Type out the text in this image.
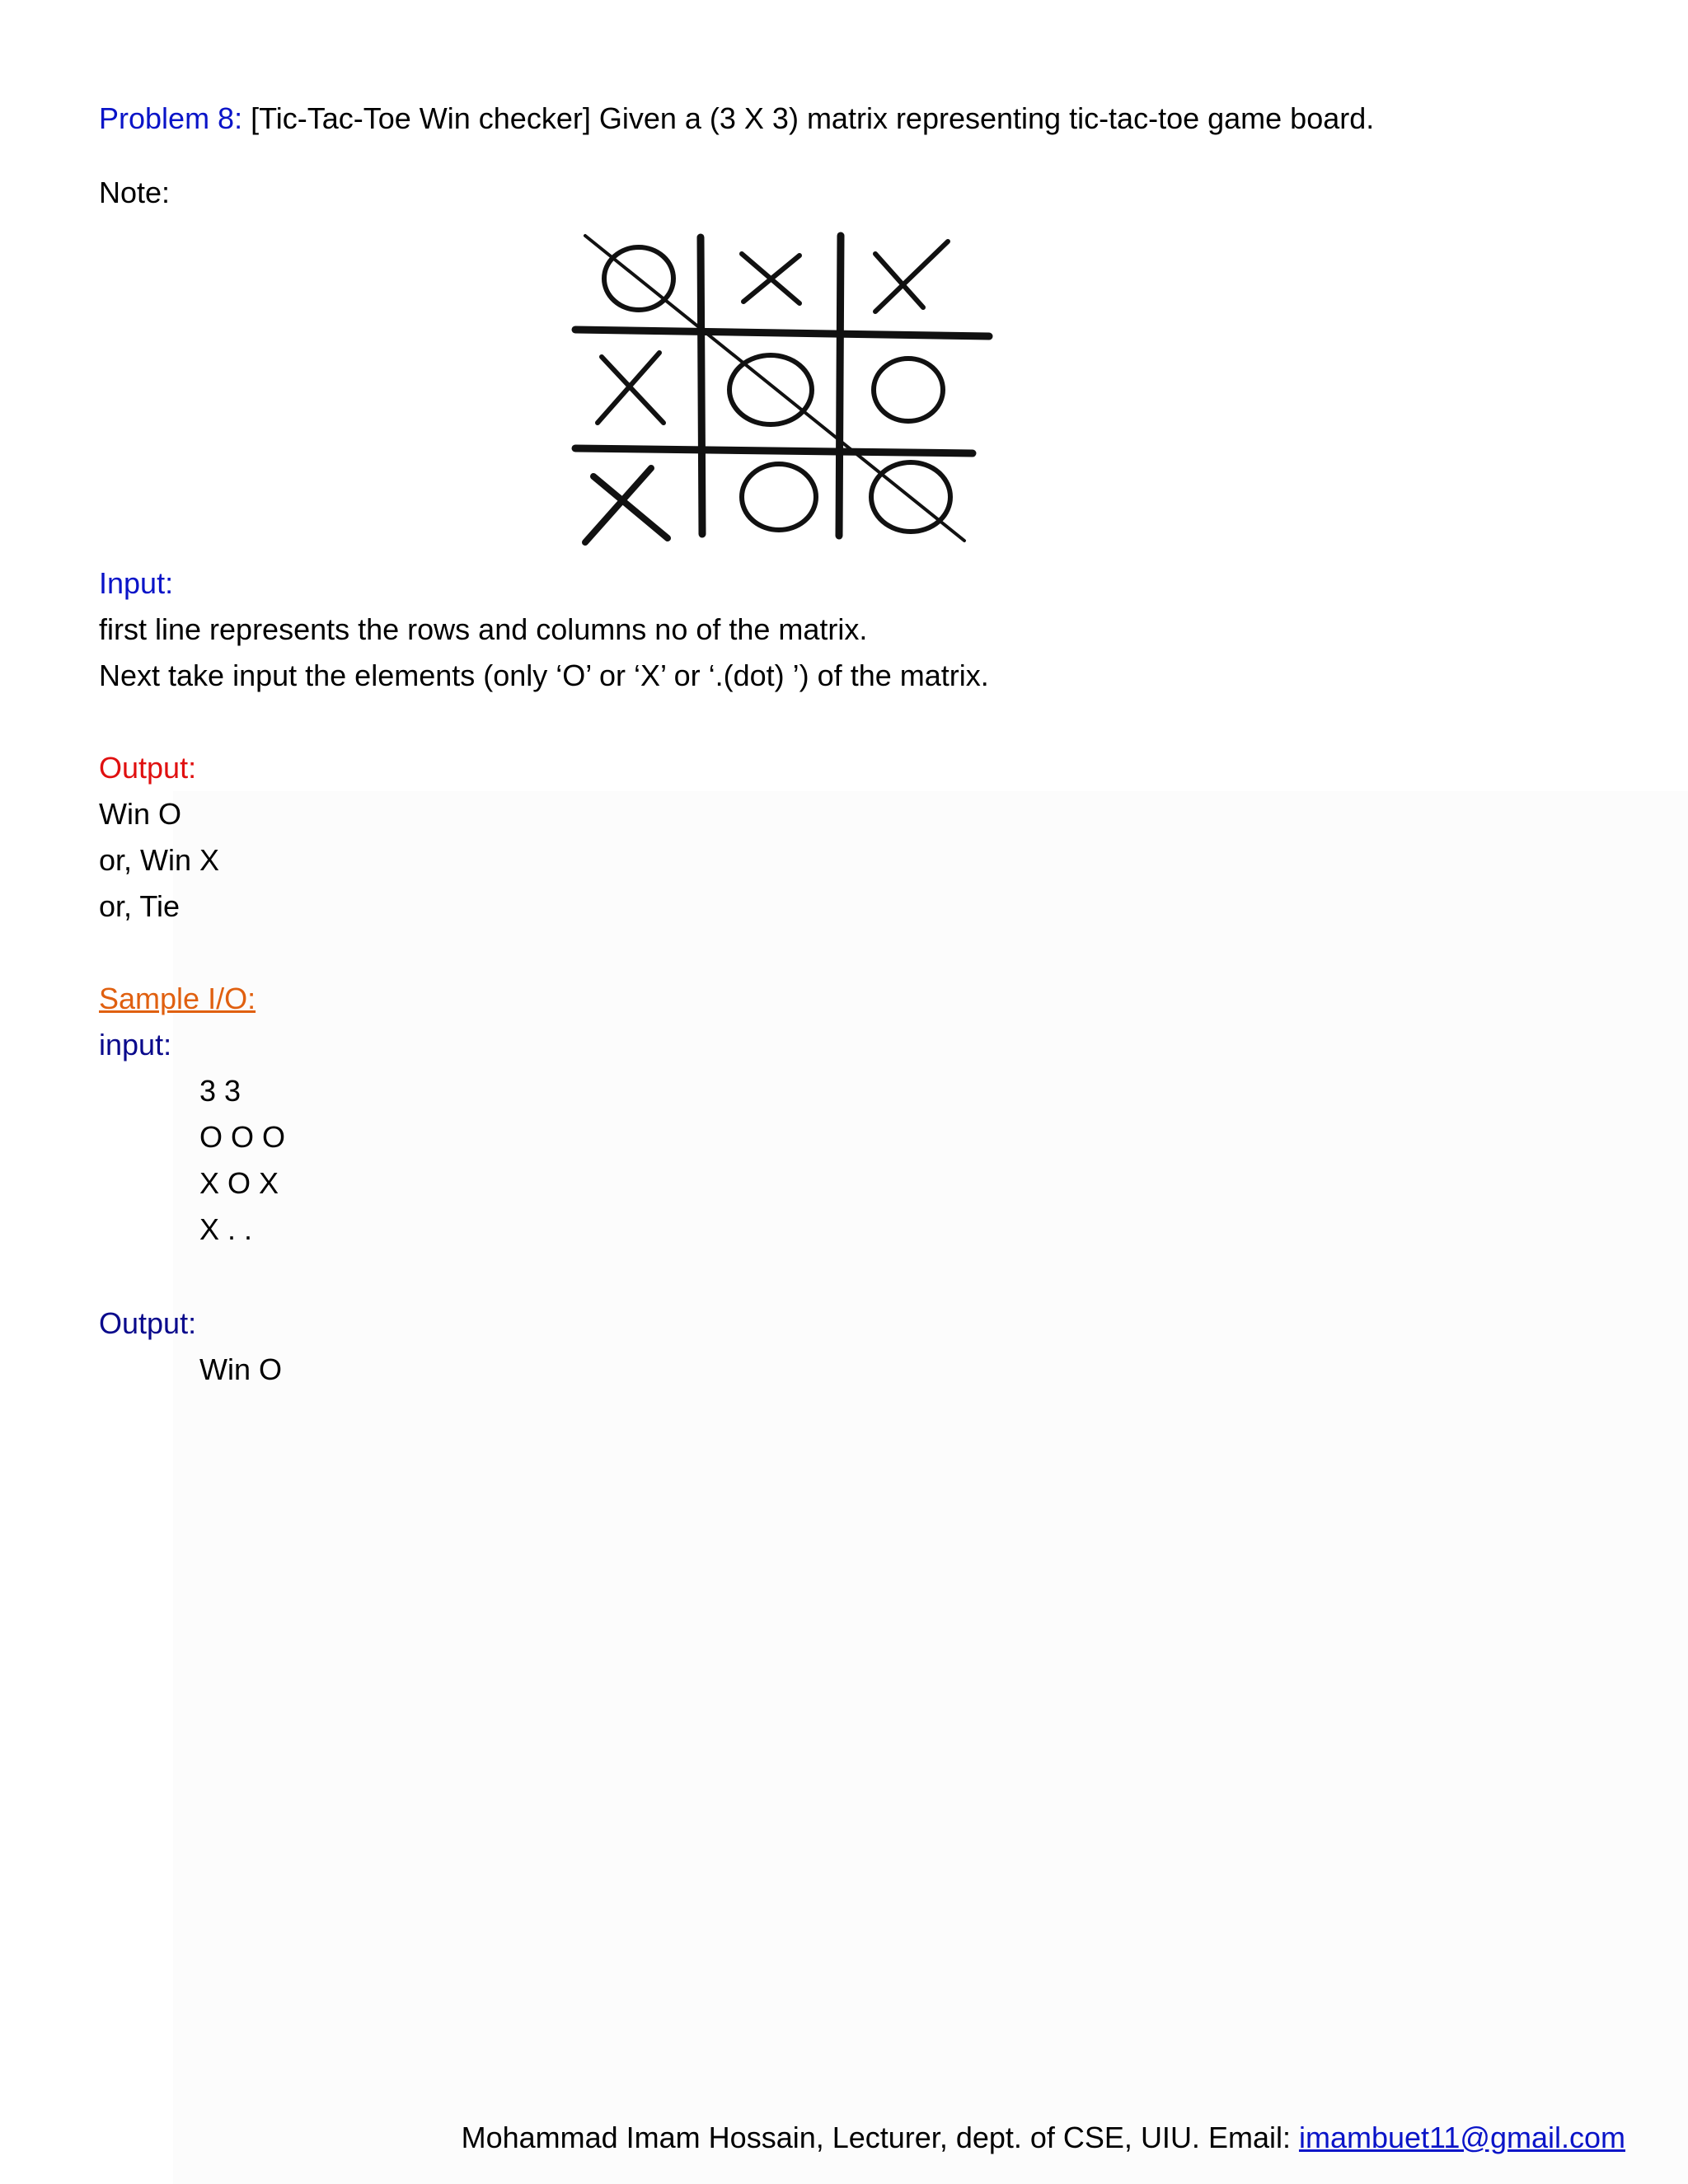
Problem 8: [Tic-Tac-Toe Win checker] Given a (3 X 3) matrix representing tic-tac-toe game board.
Note:
Input:
first line represents the rows and columns no of the matrix.
Next take input the elements (only ‘O’ or ‘X’ or ‘.(dot) ’) of the matrix.
Output:
Win O
or, Win X
or, Tie
Sample I/O:
input:
3 3
O O O
X O X
X . .
Output:
Win O
Mohammad Imam Hossain, Lecturer, dept. of CSE, UIU. Email: imambuet11@gmail.com
